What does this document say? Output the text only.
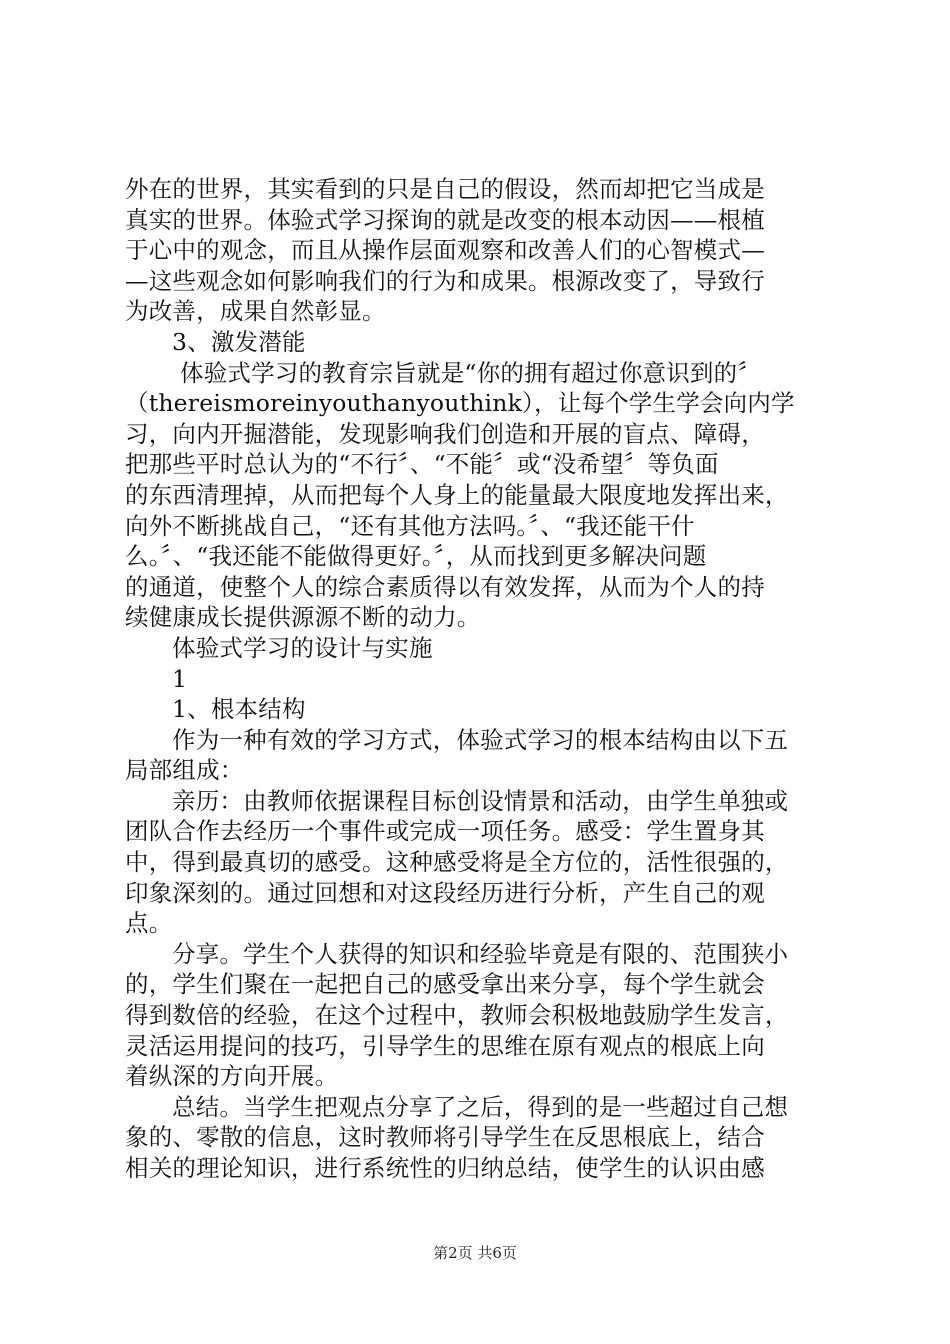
外在的世界，其实看到的只是自己的假设，然而却把它当成是
真实的世界。体验式学习探询的就是改变的根本动因——根植
于心中的观念，而且从操作层面观察和改善人们的心智模式—
—这些观念如何影响我们的行为和成果。根源改变了，导致行
为改善，成果自然彰显。
3、激发潜能
体验式学习的教育宗旨就是“你的拥有超过你意识到的〞
（thereismoreinyouthanyouthink），让每个学生学会向内学
习，向内开掘潜能，发现影响我们创造和开展的盲点、障碍，
把那些平时总认为的“不行〞、“不能〞或“没希望〞等负面
的东西清理掉，从而把每个人身上的能量最大限度地发挥出来，
向外不断挑战自己，“还有其他方法吗。〞、“我还能干什
么。〞、“我还能不能做得更好。〞，从而找到更多解决问题
的通道，使整个人的综合素质得以有效发挥，从而为个人的持
续健康成长提供源源不断的动力。
体验式学习的设计与实施
1
1、根本结构
作为一种有效的学习方式，体验式学习的根本结构由以下五
局部组成：
亲历：由教师依据课程目标创设情景和活动，由学生单独或
团队合作去经历一个事件或完成一项任务。感受：学生置身其
中，得到最真切的感受。这种感受将是全方位的，活性很强的，
印象深刻的。通过回想和对这段经历进行分析，产生自己的观
点。
分享。学生个人获得的知识和经验毕竟是有限的、范围狭小
的，学生们聚在一起把自己的感受拿出来分享，每个学生就会
得到数倍的经验，在这个过程中，教师会积极地鼓励学生发言，
灵活运用提问的技巧，引导学生的思维在原有观点的根底上向
着纵深的方向开展。
总结。当学生把观点分享了之后，得到的是一些超过自己想
象的、零散的信息，这时教师将引导学生在反思根底上，结合
相关的理论知识，进行系统性的归纳总结，使学生的认识由感
第2页 共6页
